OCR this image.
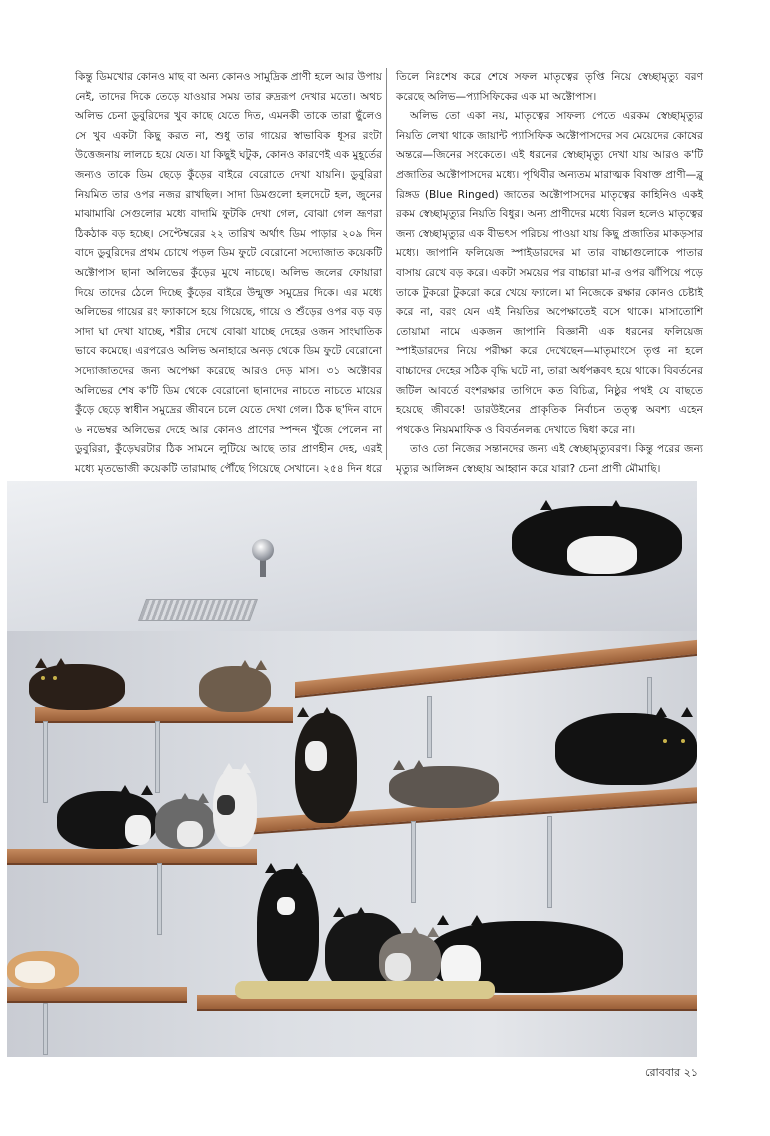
কিন্তু ডিমখোর কোনও মাছ বা অন্য কোনও সামুদ্রিক প্রাণী হলে আর উপায় নেই, তাদের দিকে তেড়ে যাওয়ার সময় তার রুদ্ররূপ দেখার মতো। অথচ অলিভ চেনা ডুবুরিদের খুব কাছে যেতে দিত, এমনকী তাকে তারা ছুঁলেও সে খুব একটা কিছু করত না, শুধু তার গায়ের স্বাভাবিক ধূসর রংটা উত্তেজনায় লালচে হয়ে যেত। যা কিছুই ঘটুক, কোনও কারণেই এক মুহূর্তের জন্যও তাকে ডিম ছেড়ে কুঁড়ের বাইরে বেরোতে দেখা যায়নি। ডুবুরিরা নিয়মিত তার ওপর নজর রাখছিল। সাদা ডিমগুলো হলদেটে হল, জুনের মাঝামাঝি সেগুলোর মধ্যে বাদামি ফুটকি দেখা গেল, বোঝা গেল ভ্রূণরা ঠিকঠাক বড় হচ্ছে। সেপ্টেম্বরের ২২ তারিখ অর্থাৎ ডিম পাড়ার ২০৯ দিন বাদে ডুবুরিদের প্রথম চোখে পড়ল ডিম ফুটে বেরোনো সদ্যোজাত কয়েকটি অক্টোপাস ছানা অলিভের কুঁড়ের মুখে নাচছে। অলিভ জলের ফোয়ারা দিয়ে তাদের ঠেলে দিচ্ছে কুঁড়ের বাইরে উন্মুক্ত সমুদ্রের দিকে। এর মধ্যে অলিভের গায়ের রং ফ্যাকাসে হয়ে গিয়েছে, গায়ে ও শুঁড়ের ওপর বড় বড় সাদা ঘা দেখা যাচ্ছে, শরীর দেখে বোঝা যাচ্ছে দেহের ওজন সাংঘাতিক ভাবে কমেছে। এরপরেও অলিভ অনাহারে অনড় থেকে ডিম ফুটে বেরোনো সদ্যোজাতদের জন্য অপেক্ষা করেছে আরও দেড় মাস। ৩১ অক্টোবর অলিভের শেষ ক'টি ডিম থেকে বেরোনো ছানাদের নাচতে নাচতে মায়ের কুঁড়ে ছেড়ে স্বাধীন সমুদ্রের জীবনে চলে যেতে দেখা গেল। ঠিক ছ'দিন বাদে ৬ নভেম্বর অলিভের দেহে আর কোনও প্রাণের স্পন্দন খুঁজে পেলেন না ডুবুরিরা, কুঁড়েঘরটার ঠিক সামনে লুটিয়ে আছে তার প্রাণহীন দেহ, এরই মধ্যে মৃতভোজী কয়েকটি তারামাছ পৌঁছে গিয়েছে সেখানে। ২৫৪ দিন ধরে

তিলে নিঃশেষ করে শেষে সফল মাতৃত্বের তৃপ্তি নিয়ে স্বেচ্ছামৃত্যু বরণ করেছে অলিভ—প্যাসিফিকের এক মা অক্টোপাস।

অলিভ তো একা নয়, মাতৃত্বের সাফল্য পেতে এরকম স্বেচ্ছামৃত্যুর নিয়তি লেখা থাকে জায়ান্ট প্যাসিফিক অক্টোপাসদের সব মেয়েদের কোষের অন্তরে—জিনের সংকেতে। এই ধরনের স্বেচ্ছামৃত্যু দেখা যায় আরও ক'টি প্রজাতির অক্টোপাসদের মধ্যে। পৃথিবীর অন্যতম মারাত্মক বিষাক্ত প্রাণী—ব্লু রিঙ্গড (Blue Ringed) জাতের অক্টোপাসদের মাতৃত্বের কাহিনিও একই রকম স্বেচ্ছামৃত্যুর নিয়তি বিধুর। অন্য প্রাণীদের মধ্যে বিরল হলেও মাতৃত্বের জন্য স্বেচ্ছামৃত্যুর এক বীভৎস পরিচয় পাওয়া যায় কিছু প্রজাতির মাকড়সার মধ্যে। জাপানি ফলিয়েজ স্পাইডারদের মা তার বাচ্চাগুলোকে পাতার বাসায় রেখে বড় করে। একটা সময়ের পর বাচ্চারা মা-র ওপর ঝাঁপিয়ে পড়ে তাকে টুকরো টুকরো করে খেয়ে ফ্যালে। মা নিজেকে রক্ষার কোনও চেষ্টাই করে না, বরং যেন এই নিয়তির অপেক্ষাতেই বসে থাকে। মাসাতোশি তোয়ামা নামে একজন জাপানি বিজ্ঞানী এক ধরনের ফলিয়েজ স্পাইডারদের নিয়ে পরীক্ষা করে দেখেছেন—মাতৃমাংসে তৃপ্ত না হলে বাচ্চাদের দেহের সঠিক বৃদ্ধি ঘটে না, তারা অর্ধপক্কবৎ হয়ে থাকে। বিবর্তনের জটিল আবর্তে বংশরক্ষার তাগিদে কত বিচিত্র, নিষ্ঠুর পথই যে বাছতে হয়েছে জীবকে! ডারউইনের প্রাকৃতিক নির্বাচন তত্ত্ব অবশ্য এহেন পথকেও নিয়মমাফিক ও বিবর্তনলব্ধ দেখাতে দ্বিধা করে না।

তাও তো নিজের সন্তানদের জন্য এই স্বেচ্ছামৃত্যুবরণ। কিন্তু পরের জন্য মৃত্যুর আলিঙ্গন স্বেচ্ছায় আহ্বান করে যারা? চেনা প্রাণী মৌমাছি।

রোববার ২১
